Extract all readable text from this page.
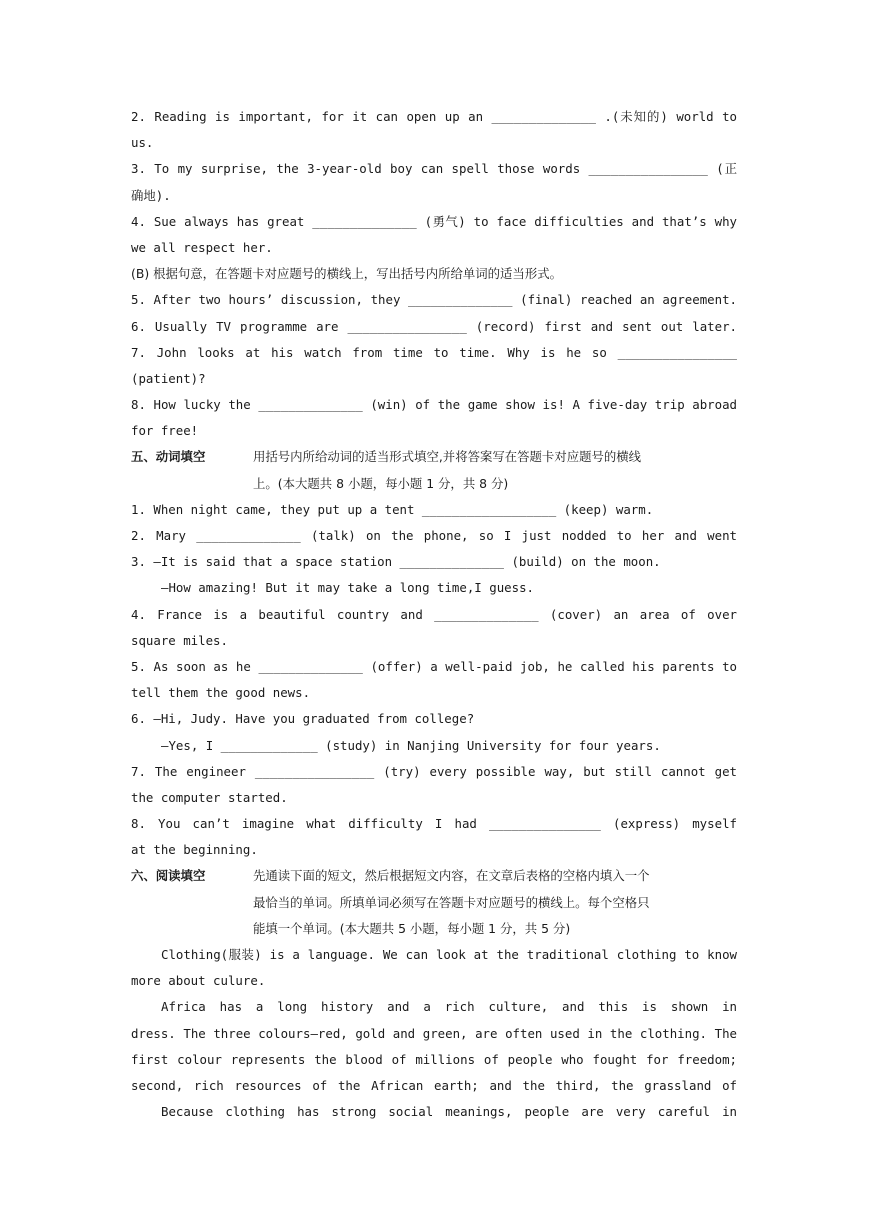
2. Reading is important, for it can open up an ______________ .(未知的) world to
us.
3. To my surprise, the 3-year-old boy can spell those words ________________ (正
确地).
4. Sue always has great ______________ (勇气) to face difficulties and that’s why
we all respect her.
(B) 根据句意，在答题卡对应题号的横线上，写出括号内所给单词的适当形式。
5. After two hours’ discussion, they ______________ (final) reached an agreement.
6. Usually TV programme are ________________ (record) first and sent out later.
7. John looks at his watch from time to time. Why is he so ________________
(patient)?
8. How lucky the ______________ (win) of the game show is! A five-day trip abroad
for free!
五、动词填空	用括号内所给动词的适当形式填空,并将答案写在答题卡对应题号的横线
上。(本大题共 8 小题，每小题 1 分，共 8 分)
1. When night came, they put up a tent __________________ (keep) warm.
2. Mary ______________ (talk) on the phone, so I just nodded to her and went
3. —It is said that a space station ______________ (build) on the moon.
—How amazing! But it may take a long time,I guess.
4. France is a beautiful country and ______________ (cover) an area of over
square miles.
5. As soon as he ______________ (offer) a well-paid job, he called his parents to
tell them the good news.
6. —Hi, Judy. Have you graduated from college?
—Yes, I _____________ (study) in Nanjing University for four years.
7. The engineer ________________ (try) every possible way, but still cannot get
the computer started.
8. You can’t imagine what difficulty I had _______________ (express) myself
at the beginning.
六、阅读填空	先通读下面的短文，然后根据短文内容，在文章后表格的空格内填入一个
最恰当的单词。所填单词必须写在答题卡对应题号的横线上。每个空格只
能填一个单词。(本大题共 5 小题，每小题 1 分，共 5 分)
Clothing(服装) is a language. We can look at the traditional clothing to know
more about culure.
Africa has a long history and a rich culture, and this is shown in
dress. The three colours—red, gold and green, are often used in the clothing. The
first colour represents the blood of millions of people who fought for freedom;
second, rich resources of the African earth; and the third, the grassland of
Because clothing has strong social meanings, people are very careful in
